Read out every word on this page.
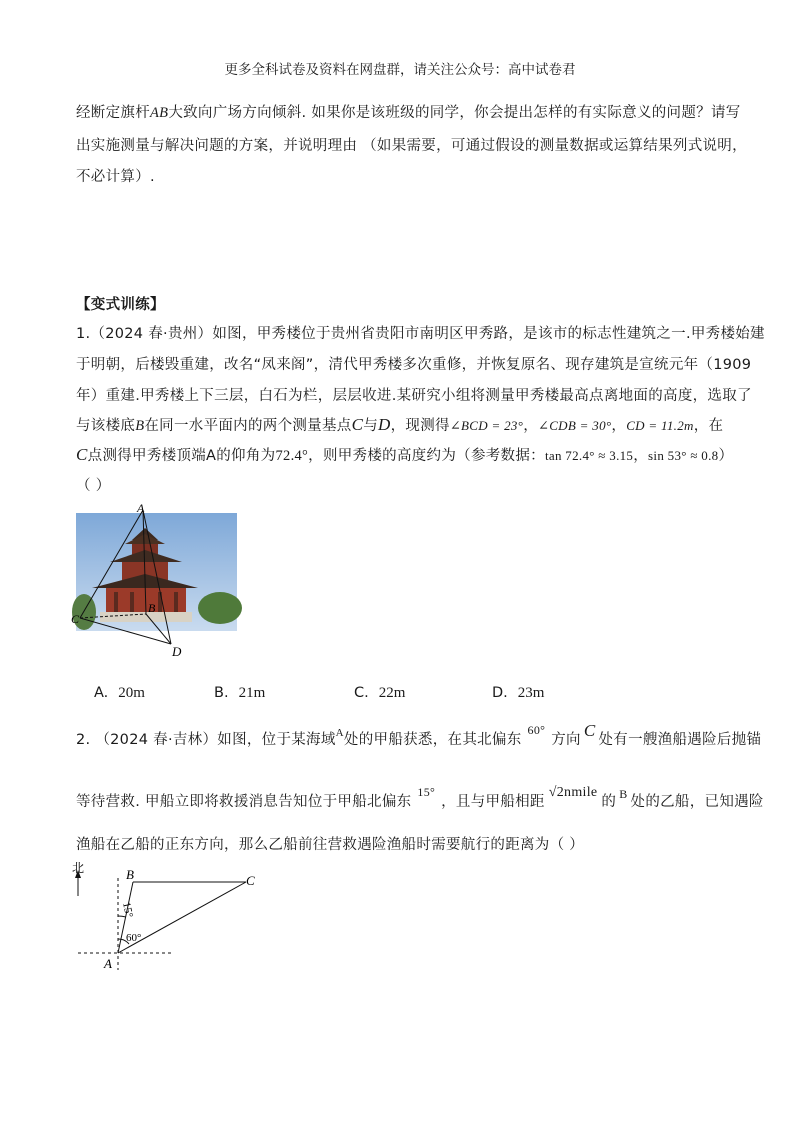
更多全科试卷及资料在网盘群，请关注公众号：高中试卷君
经断定旗杆AB大致向广场方向倾斜. 如果你是该班级的同学，你会提出怎样的有实际意义的问题？请写
出实施测量与解决问题的方案，并说明理由 （如果需要，可通过假设的测量数据或运算结果列式说明，
不必计算）.
【变式训练】
1.（2024 春·贵州）如图，甲秀楼位于贵州省贵阳市南明区甲秀路，是该市的标志性建筑之一.甲秀楼始建
于明朝，后楼毁重建，改名“凤来阁”，清代甲秀楼多次重修，并恢复原名、现存建筑是宣统元年（1909
年）重建.甲秀楼上下三层，白石为栏，层层收进.某研究小组将测量甲秀楼最高点离地面的高度，选取了
与该楼底B在同一水平面内的两个测量基点C与D，现测得∠BCD = 23°，∠CDB = 30°，CD = 11.2m，在
C点测得甲秀楼顶端A的仰角为72.4°，则甲秀楼的高度约为（参考数据：tan 72.4° ≈ 3.15，sin 53° ≈ 0.8）
（ ）
A
B
C
D
A. 20m	B. 21m	C. 22m	D. 23m
2. （2024 春·吉林）如图，位于某海域$^A$处的甲船获悉，在其北偏东$^{60^\circ}$方向 C 处有一艘渔船遇险后抛锚
等待营救. 甲船立即将救援消息告知位于甲船北偏东$^{15^\circ}$，且与甲船相距√2nmile的 $^B$ 处的乙船，已知遇险
渔船在乙船的正东方向，那么乙船前往营救遇险渔船时需要航行的距离为（ ）
北	B	C
A
60°
15°
